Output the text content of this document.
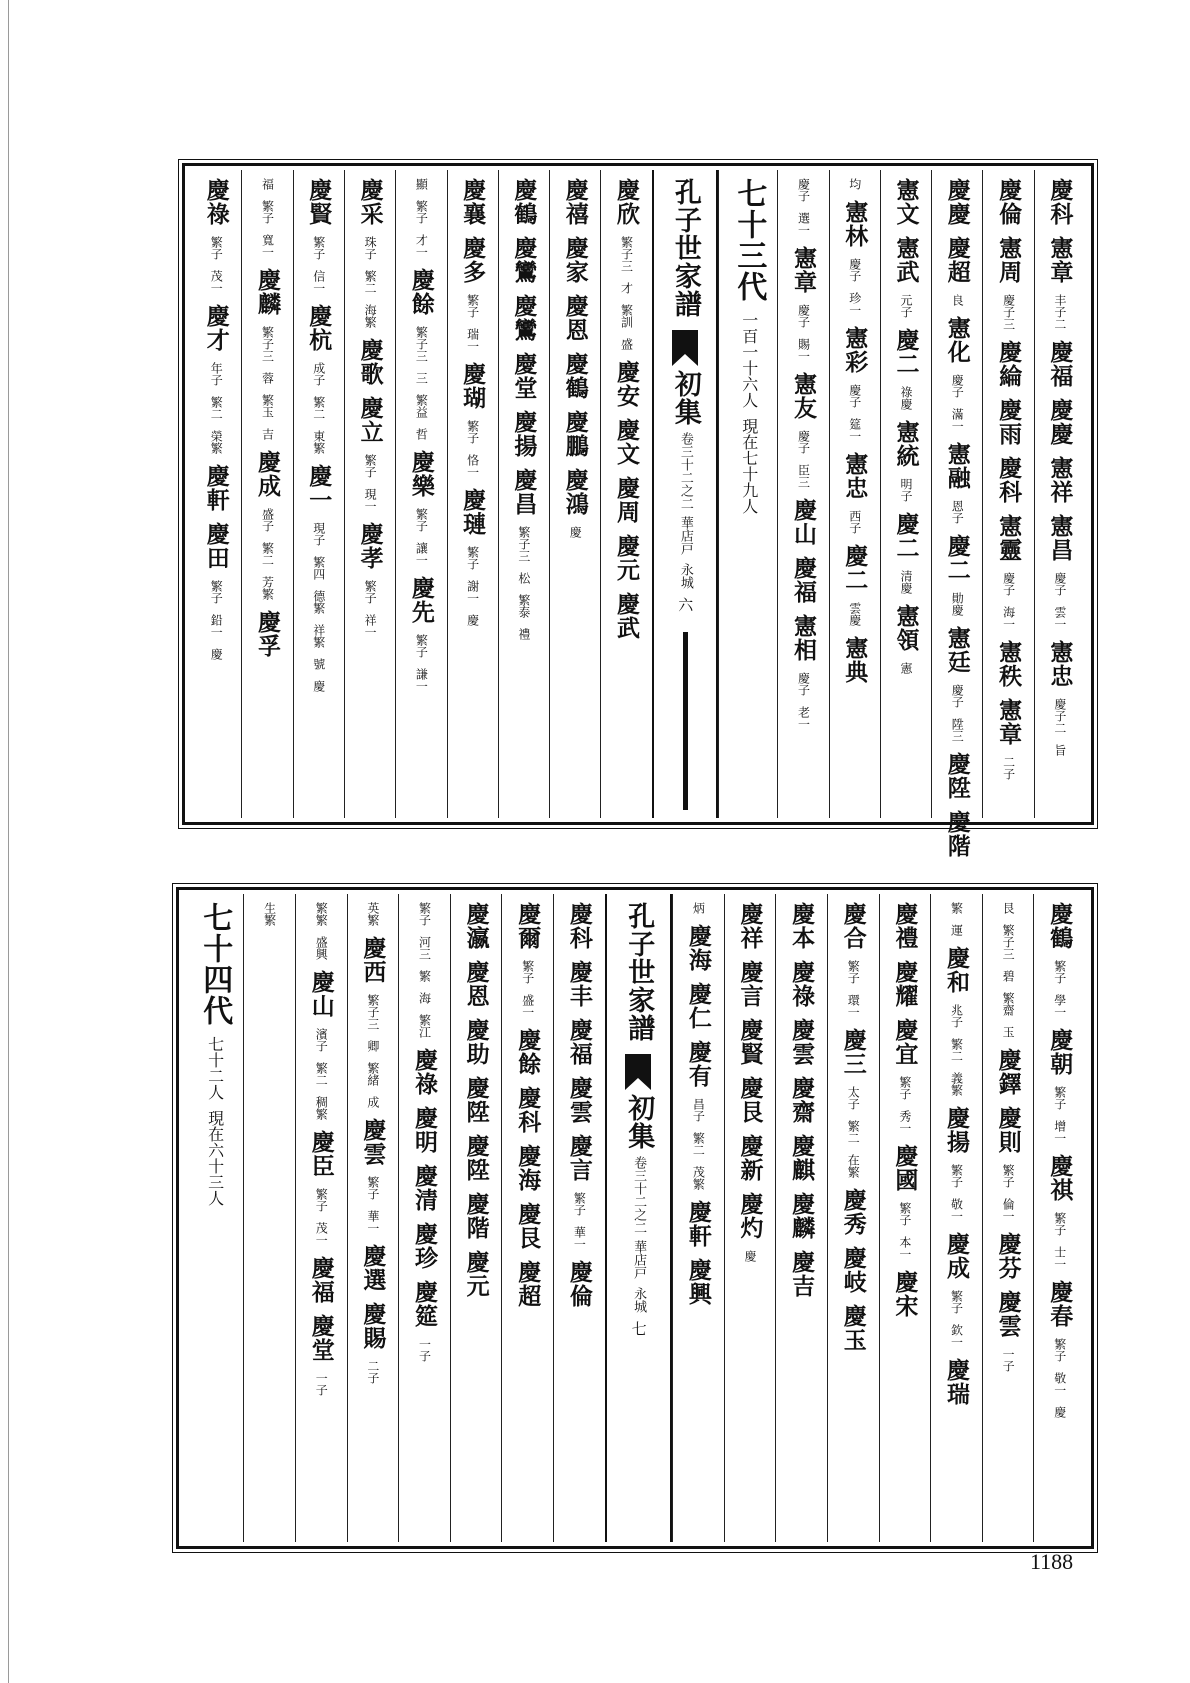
慶科
憲章
丰子二
慶福
慶慶
憲祥
憲昌
慶子
雲一
憲忠
慶子二
旨
慶倫
憲周
慶子三
慶綸
慶雨
慶科
憲靈
慶子
海一
憲秩
憲章
二子
慶慶
慶超
良
憲化
慶子
滿一
憲融
恩子
慶二
勛慶
憲廷
慶子
陞三
慶陞
慶階
憲文
憲武
元子
慶二
祿慶
憲統
明子
慶二
清慶
憲領
憲
均
憲林
慶子
珍一
憲彩
慶子
筵一
憲忠
西子
慶二
雲慶
憲典
慶子
選一
憲章
慶子
賜一
憲友
慶子
臣三
慶山
慶福
憲相
慶子
老一
七十三代
一百一十六人
現在七十九人
孔子世家譜
初集
卷三十二之二
華店戸
永城
六
慶欣
繁子三
才
繁訓
盛
慶安
慶文
慶周
慶元
慶武
慶禧
慶家
慶恩
慶鶴
慶鵬
慶鴻
慶
慶鶴
慶鸞
慶鸞
慶堂
慶揚
慶昌
繁子三
松
繁泰
禮
慶襄
慶多
繁子
瑞一
慶瑚
繁子
恪一
慶璉
繁子
謝一
慶
顯
繁子
才一
慶餘
繁子三
三
繁益
哲
慶樂
繁子
讓一
慶先
繁子
謙一
慶采
珠子
繁二
海繁
慶歌
慶立
繁子
現一
慶孝
繁子
祥一
慶賢
繁子
信一
慶杭
成子
繁二
東繁
慶一
現子
繁四
德繁
祥繁
號
慶
福
繁子
寬一
慶麟
繁子三
蓉
繁玉
吉
慶成
盛子
繁二
芳繁
慶孚
慶祿
繁子
茂一
慶才
年子
繁二
榮繁
慶軒
慶田
繁子
鉛一
慶
慶鶴
繁子
學一
慶朝
繁子
增一
慶祺
繁子
士一
慶春
繁子
敬一
慶
艮
繁子三
碧
繁齋
玉
慶鐸
慶則
繁子
倫一
慶芬
慶雲
一子
繁
運
慶和
兆子
繁二
義繁
慶揚
繁子
敬一
慶成
繁子
欽一
慶瑞
慶禮
慶耀
慶宜
繁子
秀一
慶國
繁子
本一
慶宋
慶合
繁子
環一
慶三
太子
繁二
在繁
慶秀
慶岐
慶玉
慶本
慶祿
慶雲
慶齋
慶麒
慶麟
慶吉
慶祥
慶言
慶賢
慶艮
慶新
慶灼
慶
炳
慶海
慶仁
慶有
昌子
繁二
茂繁
慶軒
慶興
孔子世家譜
初集
卷三十二之二
華店戸
永城
七
慶科
慶丰
慶福
慶雲
慶言
繁子
華一
慶倫
慶爾
繁子
盛一
慶餘
慶科
慶海
慶艮
慶超
慶瀛
慶恩
慶助
慶陞
慶陞
慶階
慶元
繁子
河三
繁
海
繁江
慶祿
慶明
慶清
慶珍
慶筵
一子
英繁
慶西
繁子三
卿
繁緒
成
慶雲
繁子
華一
慶選
慶賜
二子
繁繁
盛興
慶山
濱子
繁二
稠繁
慶臣
繁子
茂一
慶福
慶堂
一子
生繁
七十四代
七十二人
現在六十三人
1188
